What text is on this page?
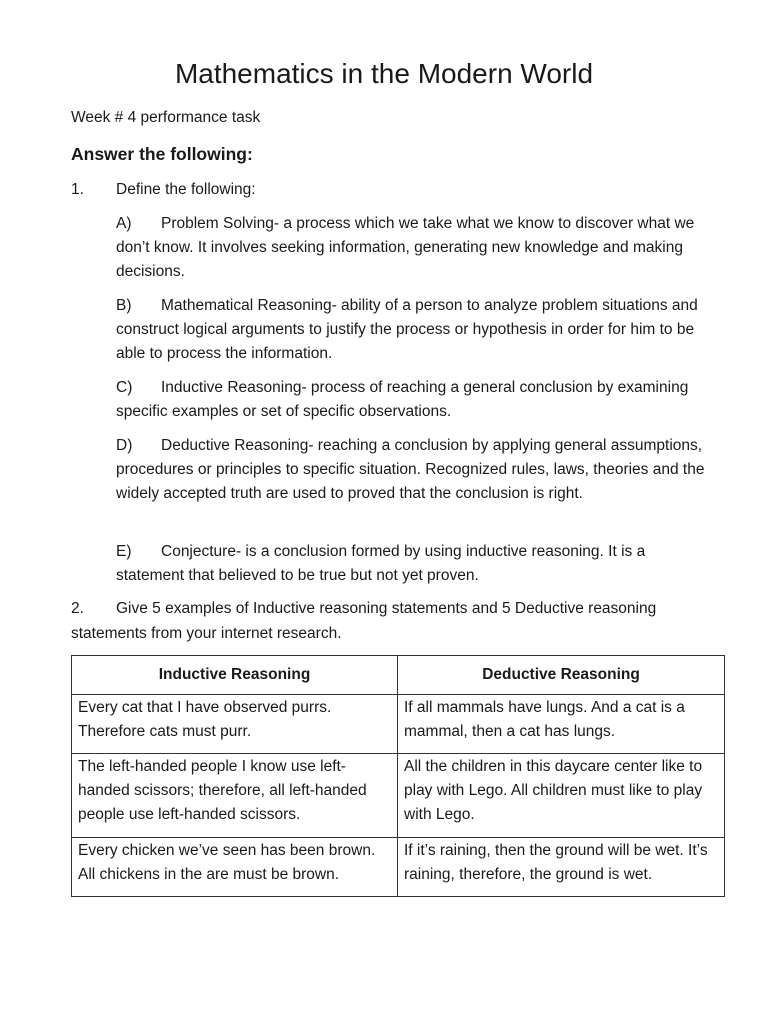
Mathematics in the Modern World
Week # 4 performance task
Answer the following:
1. Define the following:
A) Problem Solving- a process which we take what we know to discover what we don’t know. It involves seeking information, generating new knowledge and making decisions.
B) Mathematical Reasoning- ability of a person to analyze problem situations and construct logical arguments to justify the process or hypothesis in order for him to be able to process the information.
C) Inductive Reasoning- process of reaching a general conclusion by examining specific examples or set of specific observations.
D) Deductive Reasoning- reaching a conclusion by applying general assumptions, procedures or principles to specific situation. Recognized rules, laws, theories and the widely accepted truth are used to proved that the conclusion is right.
E) Conjecture- is a conclusion formed by using inductive reasoning. It is a statement that believed to be true but not yet proven.
2. Give 5 examples of Inductive reasoning statements and 5 Deductive reasoning statements from your internet research.
Inductive Reasoning	Deductive Reasoning
Every cat that I have observed purrs. Therefore cats must purr.	If all mammals have lungs. And a cat is a mammal, then a cat has lungs.
The left-handed people I know use left-handed scissors; therefore, all left-handed people use left-handed scissors.	All the children in this daycare center like to play with Lego. All children must like to play with Lego.
Every chicken we’ve seen has been brown. All chickens in the are must be brown.	If it’s raining, then the ground will be wet. It’s raining, therefore, the ground is wet.
